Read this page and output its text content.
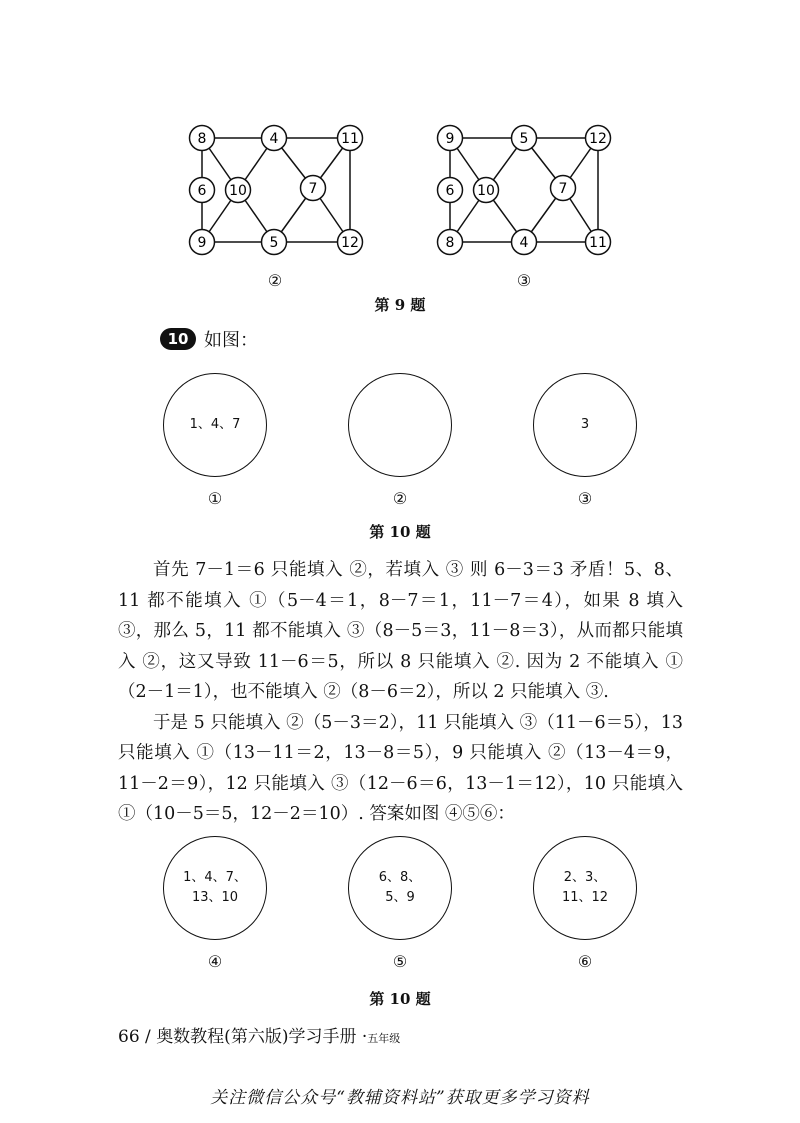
8	4	11
6 10	7
9	5	12
②
9	5	12
6 10	7
8	4	11
③
第 9 题
10 如图：
1、4、7
①	②
3
③
第 10 题

首先 7－1＝6 只能填入 ②，若填入 ③ 则 6－3＝3 矛盾！5、8、11 都不能填入 ①（5－4＝1，8－7＝1，11－7＝4），如果 8 填入 ③，那么 5，11 都不能填入 ③（8－5＝3，11－8＝3），从而都只能填入 ②，这又导致 11－6＝5，所以 8 只能填入 ②. 因为 2 不能填入 ①（2－1＝1），也不能填入 ②（8－6＝2），所以 2 只能填入 ③.

于是 5 只能填入 ②（5－3＝2），11 只能填入 ③（11－6＝5），13 只能填入 ①（13－11＝2，13－8＝5），9 只能填入 ②（13－4＝9，11－2＝9），12 只能填入 ③（12－6＝6，13－1＝12），10 只能填入 ①（10－5＝5，12－2＝10）. 答案如图 ④⑤⑥：

1、4、7、
13、10
④
6、8、
5、9
⑤
2、3、
11、12
⑥
第 10 题
66 / 奥数教程(第六版)学习手册 ·五年级
关注微信公众号“教辅资料站”获取更多学习资料
